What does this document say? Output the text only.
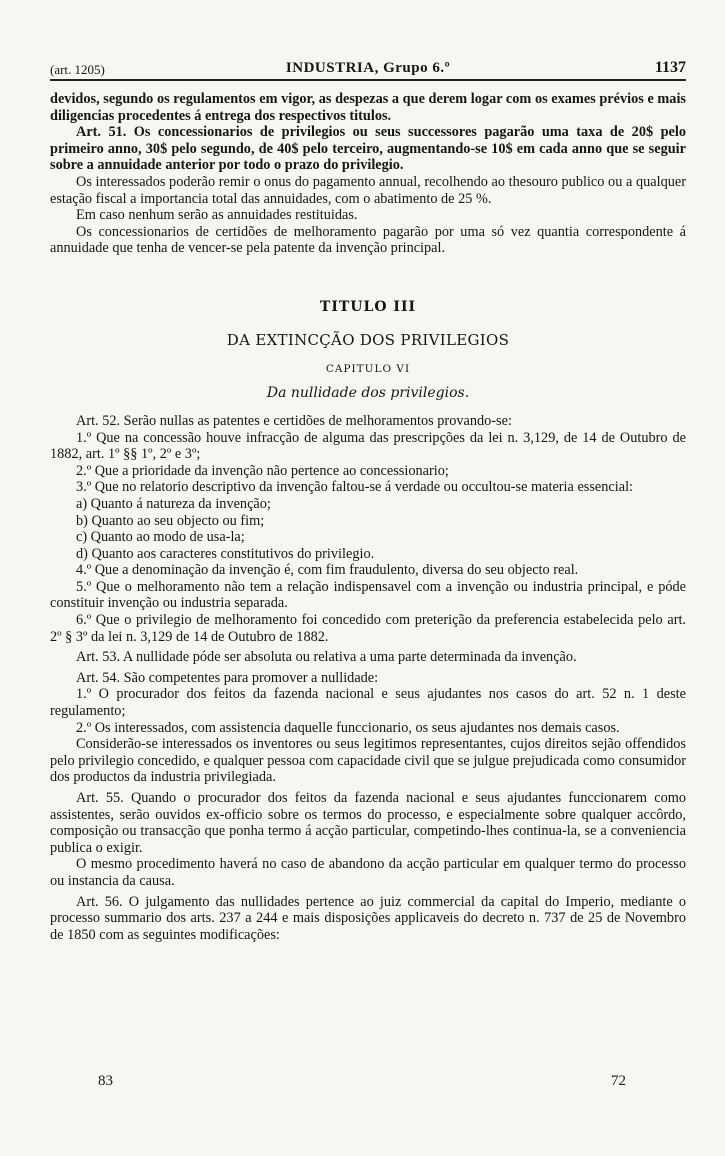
(art. 1205)	INDUSTRIA, Grupo 6.º	1137

devidos, segundo os regulamentos em vigor, as despezas a que derem logar com os exames prévios e mais diligencias procedentes á entrega dos respectivos titulos.

Art. 51. Os concessionarios de privilegios ou seus successores pagarão uma taxa de 20$ pelo primeiro anno, 30$ pelo segundo, de 40$ pelo terceiro, augmentando-se 10$ em cada anno que se seguir sobre a annuidade anterior por todo o prazo do privilegio.

Os interessados poderão remir o onus do pagamento annual, recolhendo ao thesouro publico ou a qualquer estação fiscal a importancia total das annuidades, com o abatimento de 25 %.

Em caso nenhum serão as annuidades restituidas.

Os concessionarios de certidões de melhoramento pagarão por uma só vez quantia correspondente á annuidade que tenha de vencer-se pela patente da invenção principal.

TITULO III
DA EXTINCÇÃO DOS PRIVILEGIOS
CAPITULO VI
Da nullidade dos privilegios.

Art. 52. Serão nullas as patentes e certidões de melhoramentos provando-se:

1.º Que na concessão houve infracção de alguma das prescripções da lei n. 3,129, de 14 de Outubro de 1882, art. 1º §§ 1º, 2º e 3º;

2.º Que a prioridade da invenção não pertence ao concessionario;

3.º Que no relatorio descriptivo da invenção faltou-se á verdade ou occultou-se materia essencial:

a) Quanto á natureza da invenção;

b) Quanto ao seu objecto ou fim;

c) Quanto ao modo de usa-la;

d) Quanto aos caracteres constitutivos do privilegio.

4.º Que a denominação da invenção é, com fim fraudulento, diversa do seu objecto real.

5.º Que o melhoramento não tem a relação indispensavel com a invenção ou industria principal, e póde constituir invenção ou industria separada.

6.º Que o privilegio de melhoramento foi concedido com preterição da preferencia estabelecida pelo art. 2º § 3º da lei n. 3,129 de 14 de Outubro de 1882.

Art. 53. A nullidade póde ser absoluta ou relativa a uma parte determinada da invenção.

Art. 54. São competentes para promover a nullidade:

1.º O procurador dos feitos da fazenda nacional e seus ajudantes nos casos do art. 52 n. 1 deste regulamento;

2.º Os interessados, com assistencia daquelle funccionario, os seus ajudantes nos demais casos.

Considerão-se interessados os inventores ou seus legitimos representantes, cujos direitos sejão offendidos pelo privilegio concedido, e qualquer pessoa com capacidade civil que se julgue prejudicada como consumidor dos productos da industria privilegiada.

Art. 55. Quando o procurador dos feitos da fazenda nacional e seus ajudantes funccionarem como assistentes, serão ouvidos ex-officio sobre os termos do processo, e especialmente sobre qualquer accôrdo, composição ou transacção que ponha termo á acção particular, competindo-lhes continua-la, se a conveniencia publica o exigir.

O mesmo procedimento haverá no caso de abandono da acção particular em qualquer termo do processo ou instancia da causa.

Art. 56. O julgamento das nullidades pertence ao juiz commercial da capital do Imperio, mediante o processo summario dos arts. 237 a 244 e mais disposições applicaveis do decreto n. 737 de 25 de Novembro de 1850 com as seguintes modificações:

83	72
